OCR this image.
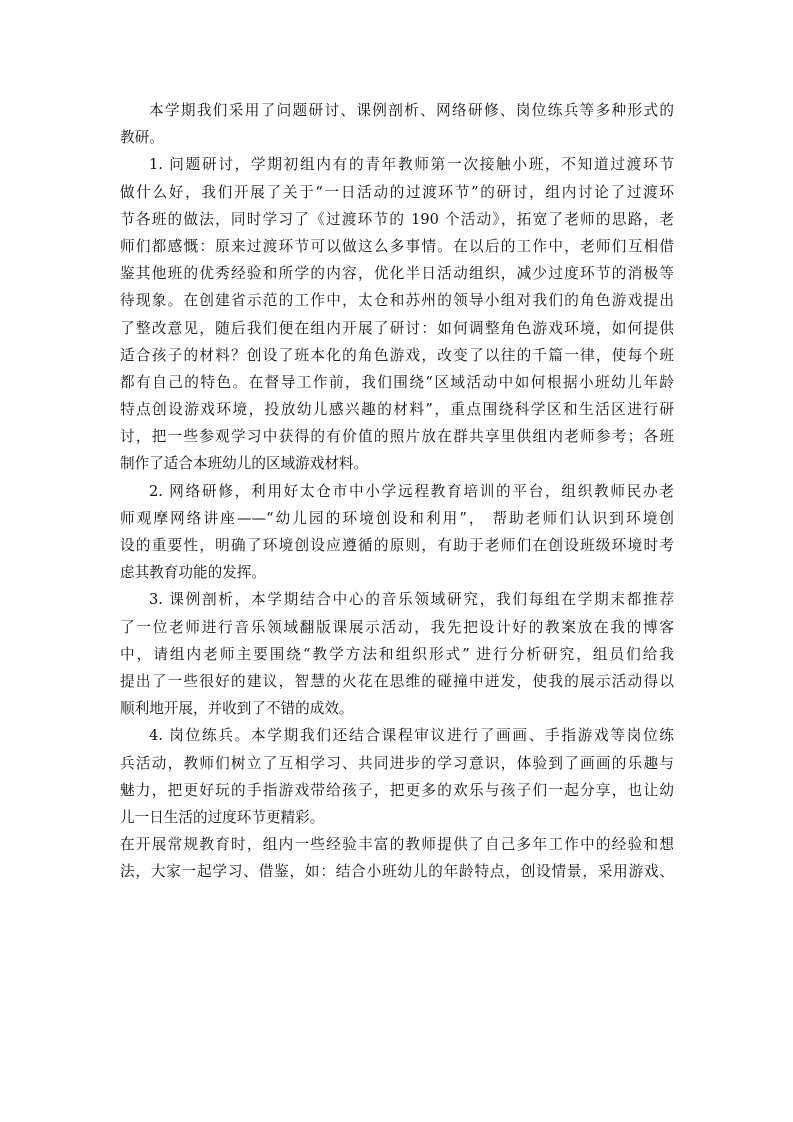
本学期我们采用了问题研讨、课例剖析、网络研修、岗位练兵等多种形式的
教研。
1. 问题研讨，学期初组内有的青年教师第一次接触小班，不知道过渡环节
做什么好，我们开展了关于“一日活动的过渡环节”的研讨，组内讨论了过渡环
节各班的做法，同时学习了《过渡环节的 190 个活动》，拓宽了老师的思路，老
师们都感慨：原来过渡环节可以做这么多事情。在以后的工作中，老师们互相借
鉴其他班的优秀经验和所学的内容，优化半日活动组织，减少过度环节的消极等
待现象。在创建省示范的工作中，太仓和苏州的领导小组对我们的角色游戏提出
了整改意见，随后我们便在组内开展了研讨：如何调整角色游戏环境，如何提供
适合孩子的材料？创设了班本化的角色游戏，改变了以往的千篇一律，使每个班
都有自己的特色。在督导工作前，我们围绕“区域活动中如何根据小班幼儿年龄
特点创设游戏环境，投放幼儿感兴趣的材料”，重点围绕科学区和生活区进行研
讨，把一些参观学习中获得的有价值的照片放在群共享里供组内老师参考；各班
制作了适合本班幼儿的区域游戏材料。
2. 网络研修，利用好太仓市中小学远程教育培训的平台，组织教师民办老
师观摩网络讲座——“幼儿园的环境创设和利用”， 帮助老师们认识到环境创
设的重要性，明确了环境创设应遵循的原则，有助于老师们在创设班级环境时考
虑其教育功能的发挥。
3. 课例剖析，本学期结合中心的音乐领域研究，我们每组在学期末都推荐
了一位老师进行音乐领域翻版课展示活动，我先把设计好的教案放在我的博客
中，请组内老师主要围绕“教学方法和组织形式” 进行分析研究，组员们给我
提出了一些很好的建议，智慧的火花在思维的碰撞中迸发，使我的展示活动得以
顺利地开展，并收到了不错的成效。
4. 岗位练兵。本学期我们还结合课程审议进行了画画、手指游戏等岗位练
兵活动，教师们树立了互相学习、共同进步的学习意识，体验到了画画的乐趣与
魅力，把更好玩的手指游戏带给孩子，把更多的欢乐与孩子们一起分享，也让幼
儿一日生活的过度环节更精彩。
在开展常规教育时，组内一些经验丰富的教师提供了自己多年工作中的经验和想
法，大家一起学习、借鉴，如：结合小班幼儿的年龄特点，创设情景，采用游戏、
